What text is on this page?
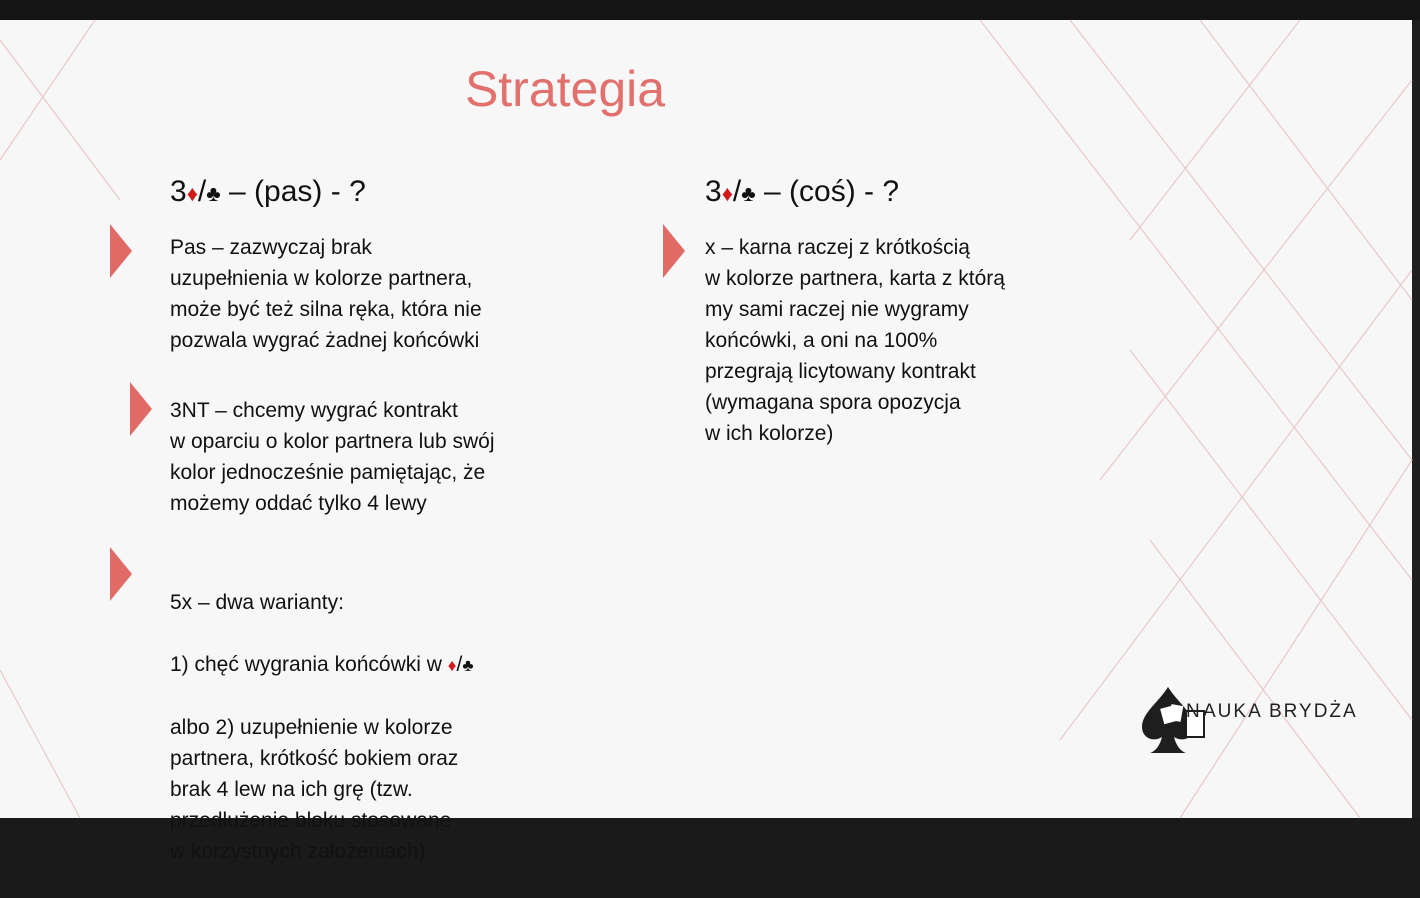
Strategia
3♦/♣ – (pas) - ?	3♦/♣ – (coś) - ?
Pas – zazwyczaj brak
uzupełnienia w kolorze partnera,
może być też silna ręka, która nie
pozwala wygrać żadnej końcówki
3NT – chcemy wygrać kontrakt
w oparciu o kolor partnera lub swój
kolor jednocześnie pamiętając, że
możemy oddać tylko 4 lewy

5x – dwa warianty:

1) chęć wygrania końcówki w ♦/♣

albo 2) uzupełnienie w kolorze
partnera, krótkość bokiem oraz
brak 4 lew na ich grę (tzw.
przedłużenie bloku stosowane
w korzystnych założeniach)

x – karna raczej z krótkością
w kolorze partnera, karta z którą
my sami raczej nie wygramy
końcówki, a oni na 100%
przegrają licytowany kontrakt
(wymagana spora opozycja
w ich kolorze)
N AUKA BRYDŻA
